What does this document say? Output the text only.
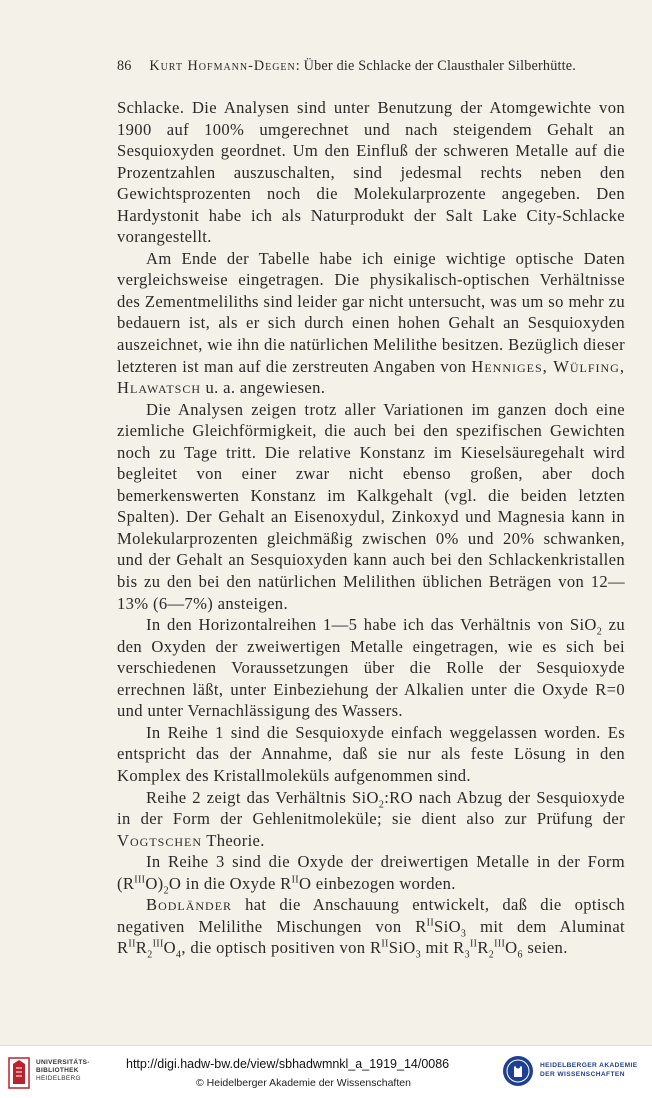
86 Kurt Hofmann-Degen: Über die Schlacke der Clausthaler Silberhütte.

Schlacke. Die Analysen sind unter Benutzung der Atomgewichte von 1900 auf 100% umgerechnet und nach steigendem Gehalt an Sesquioxyden geordnet. Um den Einfluß der schweren Metalle auf die Prozentzahlen auszuschalten, sind jedesmal rechts neben den Gewichtsprozenten noch die Molekularprozente angegeben. Den Hardystonit habe ich als Naturprodukt der Salt Lake City-Schlacke vorangestellt.

Am Ende der Tabelle habe ich einige wichtige optische Daten vergleichsweise eingetragen. Die physikalisch-optischen Verhältnisse des Zementmeliliths sind leider gar nicht untersucht, was um so mehr zu bedauern ist, als er sich durch einen hohen Gehalt an Sesquioxyden auszeichnet, wie ihn die natürlichen Melilithe besitzen. Bezüglich dieser letzteren ist man auf die zerstreuten Angaben von Henniges, Wülfing, Hlawatsch u. a. angewiesen.

Die Analysen zeigen trotz aller Variationen im ganzen doch eine ziemliche Gleichförmigkeit, die auch bei den spezifischen Gewichten noch zu Tage tritt. Die relative Konstanz im Kieselsäuregehalt wird begleitet von einer zwar nicht ebenso großen, aber doch bemerkenswerten Konstanz im Kalkgehalt (vgl. die beiden letzten Spalten). Der Gehalt an Eisenoxydul, Zinkoxyd und Magnesia kann in Molekularprozenten gleichmäßig zwischen 0% und 20% schwanken, und der Gehalt an Sesquioxyden kann auch bei den Schlackenkristallen bis zu den bei den natürlichen Melilithen üblichen Beträgen von 12—13% (6—7%) ansteigen.

In den Horizontalreihen 1—5 habe ich das Verhältnis von SiO$_2$ zu den Oxyden der zweiwertigen Metalle eingetragen, wie es sich bei verschiedenen Voraussetzungen über die Rolle der Sesquioxyde errechnen läßt, unter Einbeziehung der Alkalien unter die Oxyde R=0 und unter Vernachlässigung des Wassers.

In Reihe 1 sind die Sesquioxyde einfach weggelassen worden. Es entspricht das der Annahme, daß sie nur als feste Lösung in den Komplex des Kristallmoleküls aufgenommen sind.

Reihe 2 zeigt das Verhältnis SiO$_2$:RO nach Abzug der Sesquioxyde in der Form der Gehlenitmoleküle; sie dient also zur Prüfung der Vogtschen Theorie.

In Reihe 3 sind die Oxyde der dreiwertigen Metalle in der Form $(R^{III}O)_2O$ in die Oxyde $R^{II}O$ einbezogen worden.

Bodländer hat die Anschauung entwickelt, daß die optisch negativen Melilithe Mischungen von $R^{II}SiO_3$ mit dem Aluminat $R^{II}R_2^{III}O_4$, die optisch positiven von $R^{II}SiO_3$ mit $R_3^{II}R_2^{III}O_6$ seien.

UNIVERSITÄTS-
BIBLIOTHEK
HEIDELBERG
http://digi.hadw-bw.de/view/sbhadwmnkl_a_1919_14/0086
© Heidelberger Akademie der Wissenschaften
HEIDELBERGER AKADEMIE
DER WISSENSCHAFTEN
